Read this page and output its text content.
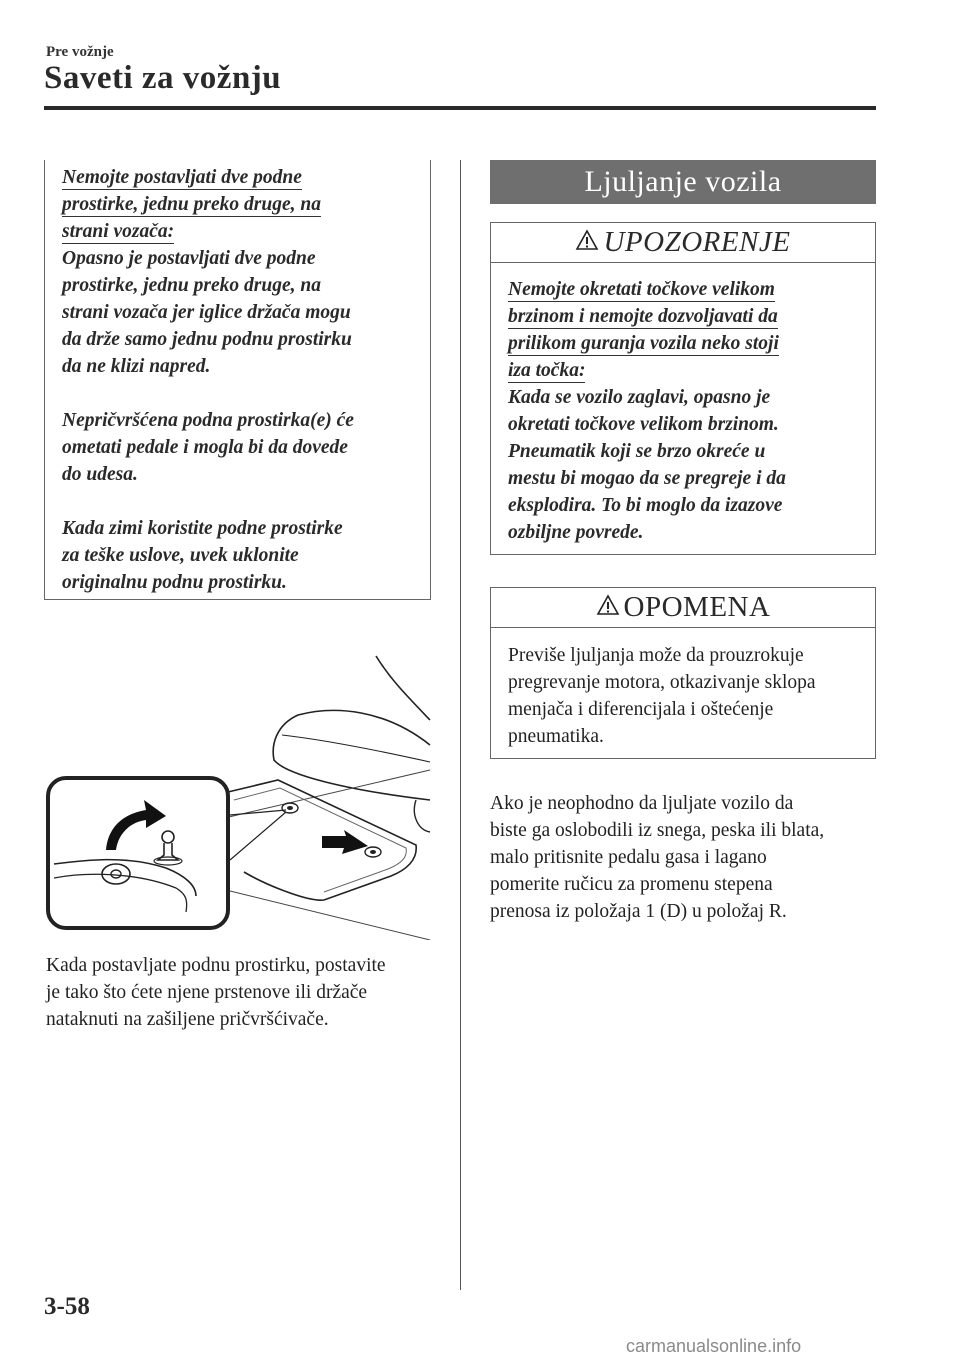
Pre vožnje
Saveti za vožnju
Nemojte postavljati dve podne
prostirke, jednu preko druge, na
strani vozača:
Opasno je postavljati dve podne
prostirke, jednu preko druge, na
strani vozača jer iglice držača mogu
da drže samo jednu podnu prostirku
da ne klizi napred.
Nepričvršćena podna prostirka(e) će
ometati pedale i mogla bi da dovede
do udesa.
Kada zimi koristite podne prostirke
za teške uslove, uvek uklonite
originalnu podnu prostirku.
Kada postavljate podnu prostirku, postavite
je tako što ćete njene prstenove ili držače
nataknuti na zašiljene pričvršćivače.
Ljuljanje vozila
UPOZORENJE
Nemojte okretati točkove velikom
brzinom i nemojte dozvoljavati da
prilikom guranja vozila neko stoji
iza točka:
Kada se vozilo zaglavi, opasno je
okretati točkove velikom brzinom.
Pneumatik koji se brzo okreće u
mestu bi mogao da se pregreje i da
eksplodira. To bi moglo da izazove
ozbiljne povrede.
OPOMENA
Previše ljuljanja može da prouzrokuje
pregrevanje motora, otkazivanje sklopa
menjača i diferencijala i oštećenje
pneumatika.
Ako je neophodno da ljuljate vozilo da
biste ga oslobodili iz snega, peska ili blata,
malo pritisnite pedalu gasa i lagano
pomerite ručicu za promenu stepena
prenosa iz položaja 1 (D) u položaj R.
3-58
carmanualsonline.info
